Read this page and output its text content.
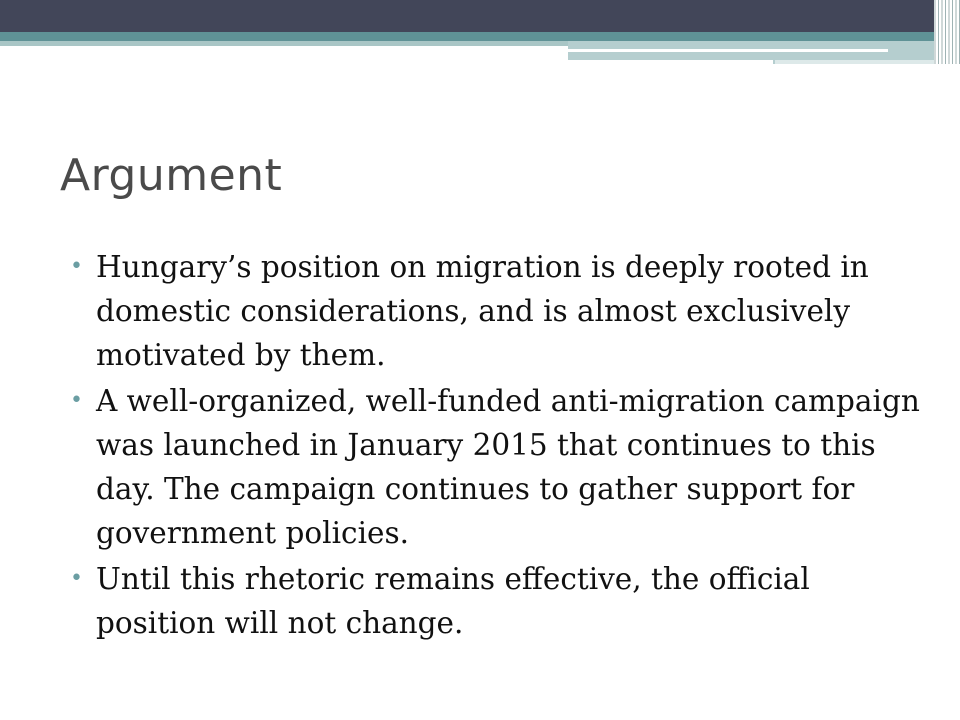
Argument
• Hungary’s position on migration is deeply rooted in domestic considerations, and is almost exclusively motivated by them.
• A well-organized, well-funded anti-migration campaign was launched in January 2015 that continues to this day. The campaign continues to gather support for government policies.
• Until this rhetoric remains effective, the official position will not change.
